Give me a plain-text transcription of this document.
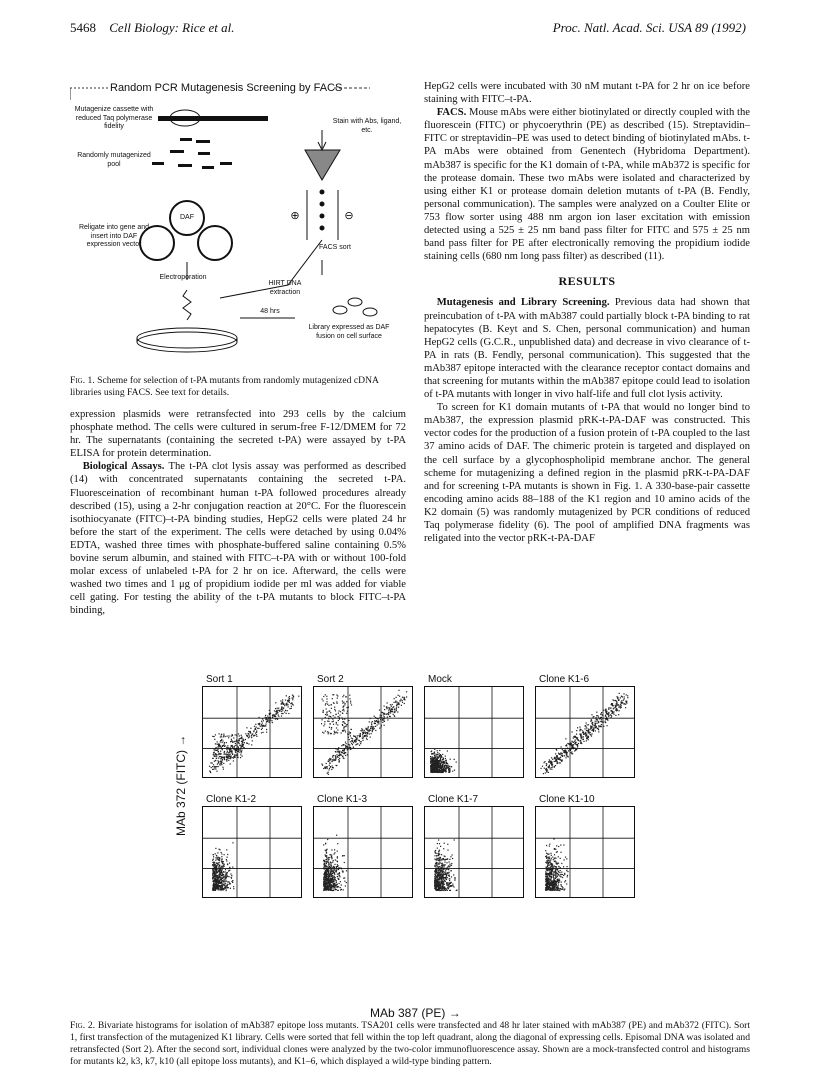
5468 Cell Biology: Rice et al.	Proc. Natl. Acad. Sci. USA 89 (1992)
Random PCR Mutagenesis Screening by FACS
Mutagenize cassette with reduced Taq polymerase fidelity
Randomly mutagenized pool
Religate into gene and insert into DAF expression vector
DAF
Electroporation
Stain with Abs, ligand, etc.
FACS sort
HIRT DNA extraction
48 hrs
Library expressed as DAF fusion on cell surface
⊕	⊖
Fig. 1. Scheme for selection of t-PA mutants from randomly mutagenized cDNA libraries using FACS. See text for details.

expression plasmids were retransfected into 293 cells by the calcium phosphate method. The cells were cultured in serum-free F-12/DMEM for 72 hr. The supernatants (containing the secreted t-PA) were assayed by t-PA ELISA for protein determination.

Biological Assays. The t-PA clot lysis assay was performed as described (14) with concentrated supernatants containing the secreted t-PA. Fluoresceination of recombinant human t-PA followed procedures already described (15), using a 2-hr conjugation reaction at 20°C. For the fluorescein isothiocyanate (FITC)–t-PA binding studies, HepG2 cells were plated 24 hr before the start of the experiment. The cells were detached by using 0.04% EDTA, washed three times with phosphate-buffered saline containing 0.5% bovine serum albumin, and stained with FITC–t-PA with or without 100-fold molar excess of unlabeled t-PA for 2 hr on ice. Afterward, the cells were washed two times and 1 μg of propidium iodide per ml was added for viable cell gating. For testing the ability of the t-PA mutants to block FITC–t-PA binding,

HepG2 cells were incubated with 30 nM mutant t-PA for 2 hr on ice before staining with FITC–t-PA.

FACS. Mouse mAbs were either biotinylated or directly coupled with the fluorescein (FITC) or phycoerythrin (PE) as described (15). Streptavidin–FITC or streptavidin–PE was used to detect binding of biotinylated mAbs. t-PA mAbs were obtained from Genentech (Hybridoma Department). mAb387 is specific for the K1 domain of t-PA, while mAb372 is specific for the protease domain. These two mAbs were isolated and characterized by using either K1 or protease domain deletion mutants of t-PA (B. Fendly, personal communication). The samples were analyzed on a Coulter Elite or 753 flow sorter using 488 nm argon ion laser excitation with emission detected using a 525 ± 25 nm band pass filter for FITC and 575 ± 25 nm band pass filter for PE after electronically removing the propidium iodide staining cells (680 nm long pass filter) as described (11).

RESULTS

Mutagenesis and Library Screening. Previous data had shown that preincubation of t-PA with mAb387 could partially block t-PA binding to rat hepatocytes (B. Keyt and S. Chen, personal communication) and human HepG2 cells (G.C.R., unpublished data) and decrease in vivo clearance of t-PA in rats (B. Fendly, personal communication). This suggested that the mAb387 epitope interacted with the clearance receptor contact domains and that screening for mutants within the mAb387 epitope could lead to isolation of t-PA mutants with longer in vivo half-life and full clot lysis activity.

To screen for K1 domain mutants of t-PA that would no longer bind to mAb387, the expression plasmid pRK-t-PA-DAF was constructed. This vector codes for the production of a fusion protein of t-PA coupled to the last 37 amino acids of DAF. The chimeric protein is targeted and displayed on the cell surface by a glycophospholipid membrane anchor. The general scheme for mutagenizing a defined region in the plasmid pRK-t-PA-DAF and for screening t-PA mutants is shown in Fig. 1. A 330-base-pair cassette encoding amino acids 88–188 of the K1 region and 10 amino acids of the K2 domain (5) was randomly mutagenized by PCR conditions of reduced Taq polymerase fidelity (6). The pool of amplified DNA fragments was religated into the vector pRK-t-PA-DAF

Sort 1	Sort 2	Mock	Clone K1-6
Clone K1-2	Clone K1-3	Clone K1-7	Clone K1-10
MAb 372 (FITC) →
MAb 387 (PE) →
Fig. 2. Bivariate histograms for isolation of mAb387 epitope loss mutants. TSA201 cells were transfected and 48 hr later stained with mAb387 (PE) and mAb372 (FITC). Sort 1, first transfection of the mutagenized K1 library. Cells were sorted that fell within the top left quadrant, along the diagonal of expressing cells. Episomal DNA was isolated and retransfected (Sort 2). After the second sort, individual clones were analyzed by the two-color immunofluorescence assay. Shown are a mock-transfected control and histograms for mutants k2, k3, k7, k10 (all epitope loss mutants), and K1–6, which displayed a wild-type binding pattern.
